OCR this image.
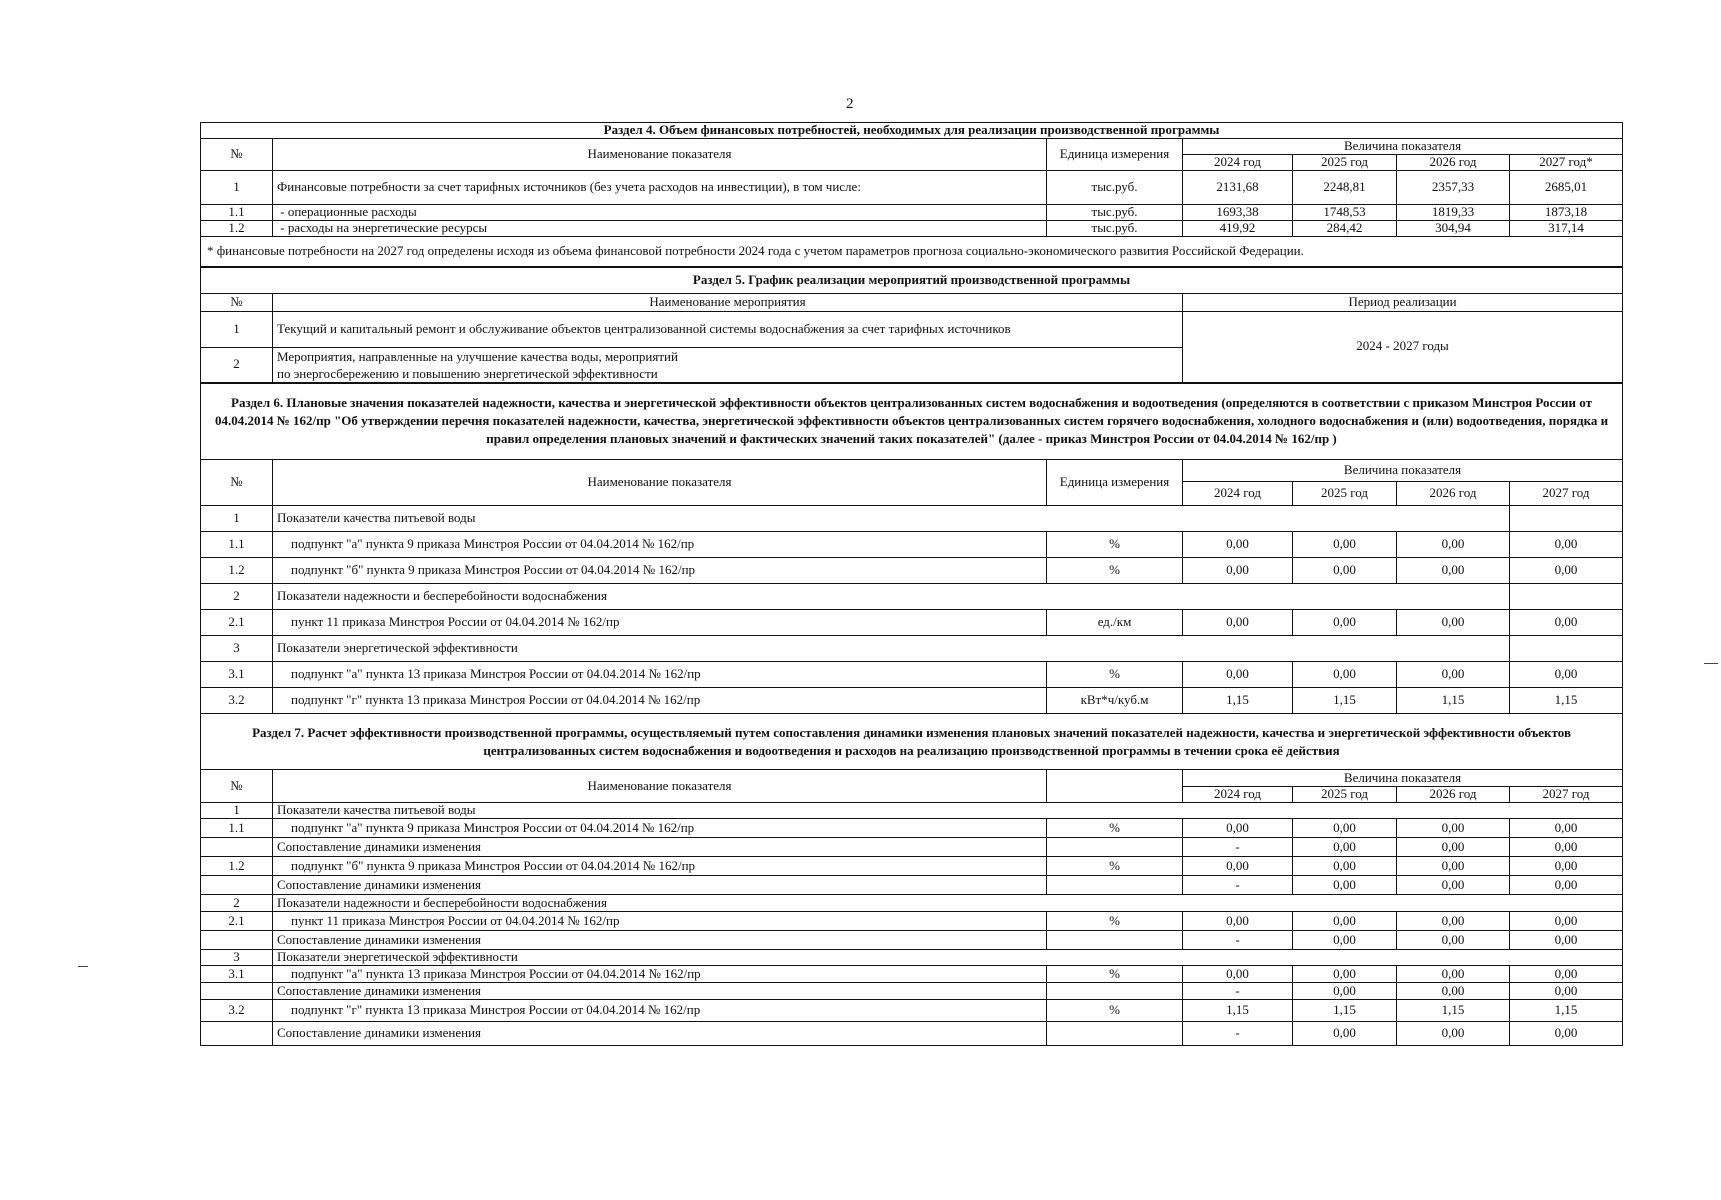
2
Раздел 4. Объем финансовых потребностей, необходимых для реализации производственной программы						
№	Наименование показателя	Единица измерения	Величина показателя			
			2024 год	2025 год	2026 год	2027 год*
1	Финансовые потребности за счет тарифных источников (без учета расходов на инвестиции), в том числе:	тыс.руб.	2131,68	2248,81	2357,33	2685,01
1.1	- операционные расходы	тыс.руб.	1693,38	1748,53	1819,33	1873,18
1.2	- расходы на энергетические ресурсы	тыс.руб.	419,92	284,42	304,94	317,14
* финансовые потребности на 2027 год определены исходя из объема финансовой потребности 2024 года с учетом параметров прогноза социально-экономического развития Российской Федерации.						
Раздел 5. График реализации мероприятий производственной программы		
№	Наименование мероприятия	Период реализации
1	Текущий и капитальный ремонт и обслуживание объектов централизованной системы водоснабжения за счет тарифных источников	2024 - 2027 годы
2	Мероприятия, направленные на улучшение качества воды, мероприятий
по энергосбережению и повышению энергетической эффективности	
Раздел 6. Плановые значения показателей надежности, качества и энергетической эффективности объектов централизованных систем водоснабжения и водоотведения (определяются в соответствии с приказом Минстроя России от 04.04.2014 № 162/пр "Об утверждении перечня показателей надежности, качества, энергетической эффективности объектов централизованных систем горячего водоснабжения, холодного водоснабжения и (или) водоотведения, порядка и правил определения плановых значений и фактических значений таких показателей" (далее - приказ Минстроя России от 04.04.2014 № 162/пр )						
№	Наименование показателя	Единица измерения	Величина показателя			
			2024 год	2025 год	2026 год	2027 год
1	Показатели качества питьевой воды					
1.1	подпункт "а" пункта 9 приказа Минстроя России от 04.04.2014 № 162/пр	%	0,00	0,00	0,00	0,00
1.2	подпункт "б" пункта 9 приказа Минстроя России от 04.04.2014 № 162/пр	%	0,00	0,00	0,00	0,00
2	Показатели надежности и бесперебойности водоснабжения					
2.1	пункт 11 приказа Минстроя России от 04.04.2014 № 162/пр	ед./км	0,00	0,00	0,00	0,00
3	Показатели энергетической эффективности					
3.1	подпункт "а" пункта 13 приказа Минстроя России от 04.04.2014 № 162/пр	%	0,00	0,00	0,00	0,00
3.2	подпункт "г" пункта 13 приказа Минстроя России от 04.04.2014 № 162/пр	кВт*ч/куб.м	1,15	1,15	1,15	1,15
Раздел 7. Расчет эффективности производственной программы, осуществляемый путем сопоставления динамики изменения плановых значений показателей надежности, качества и энергетической эффективности объектов централизованных систем водоснабжения и водоотведения и расходов на реализацию производственной программы в течении срока её действия						
№	Наименование показателя		Величина показателя			
			2024 год	2025 год	2026 год	2027 год
1	Показатели качества питьевой воды					
1.1	подпункт "а" пункта 9 приказа Минстроя России от 04.04.2014 № 162/пр	%	0,00	0,00	0,00	0,00
	Сопоставление динамики изменения		-	0,00	0,00	0,00
1.2	подпункт "б" пункта 9 приказа Минстроя России от 04.04.2014 № 162/пр	%	0,00	0,00	0,00	0,00
	Сопоставление динамики изменения		-	0,00	0,00	0,00
2	Показатели надежности и бесперебойности водоснабжения					
2.1	пункт 11 приказа Минстроя России от 04.04.2014 № 162/пр	%	0,00	0,00	0,00	0,00
	Сопоставление динамики изменения		-	0,00	0,00	0,00
3	Показатели энергетической эффективности					
3.1	подпункт "а" пункта 13 приказа Минстроя России от 04.04.2014 № 162/пр	%	0,00	0,00	0,00	0,00
	Сопоставление динамики изменения		-	0,00	0,00	0,00
3.2	подпункт "г" пункта 13 приказа Минстроя России от 04.04.2014 № 162/пр	%	1,15	1,15	1,15	1,15
	Сопоставление динамики изменения		-	0,00	0,00	0,00
